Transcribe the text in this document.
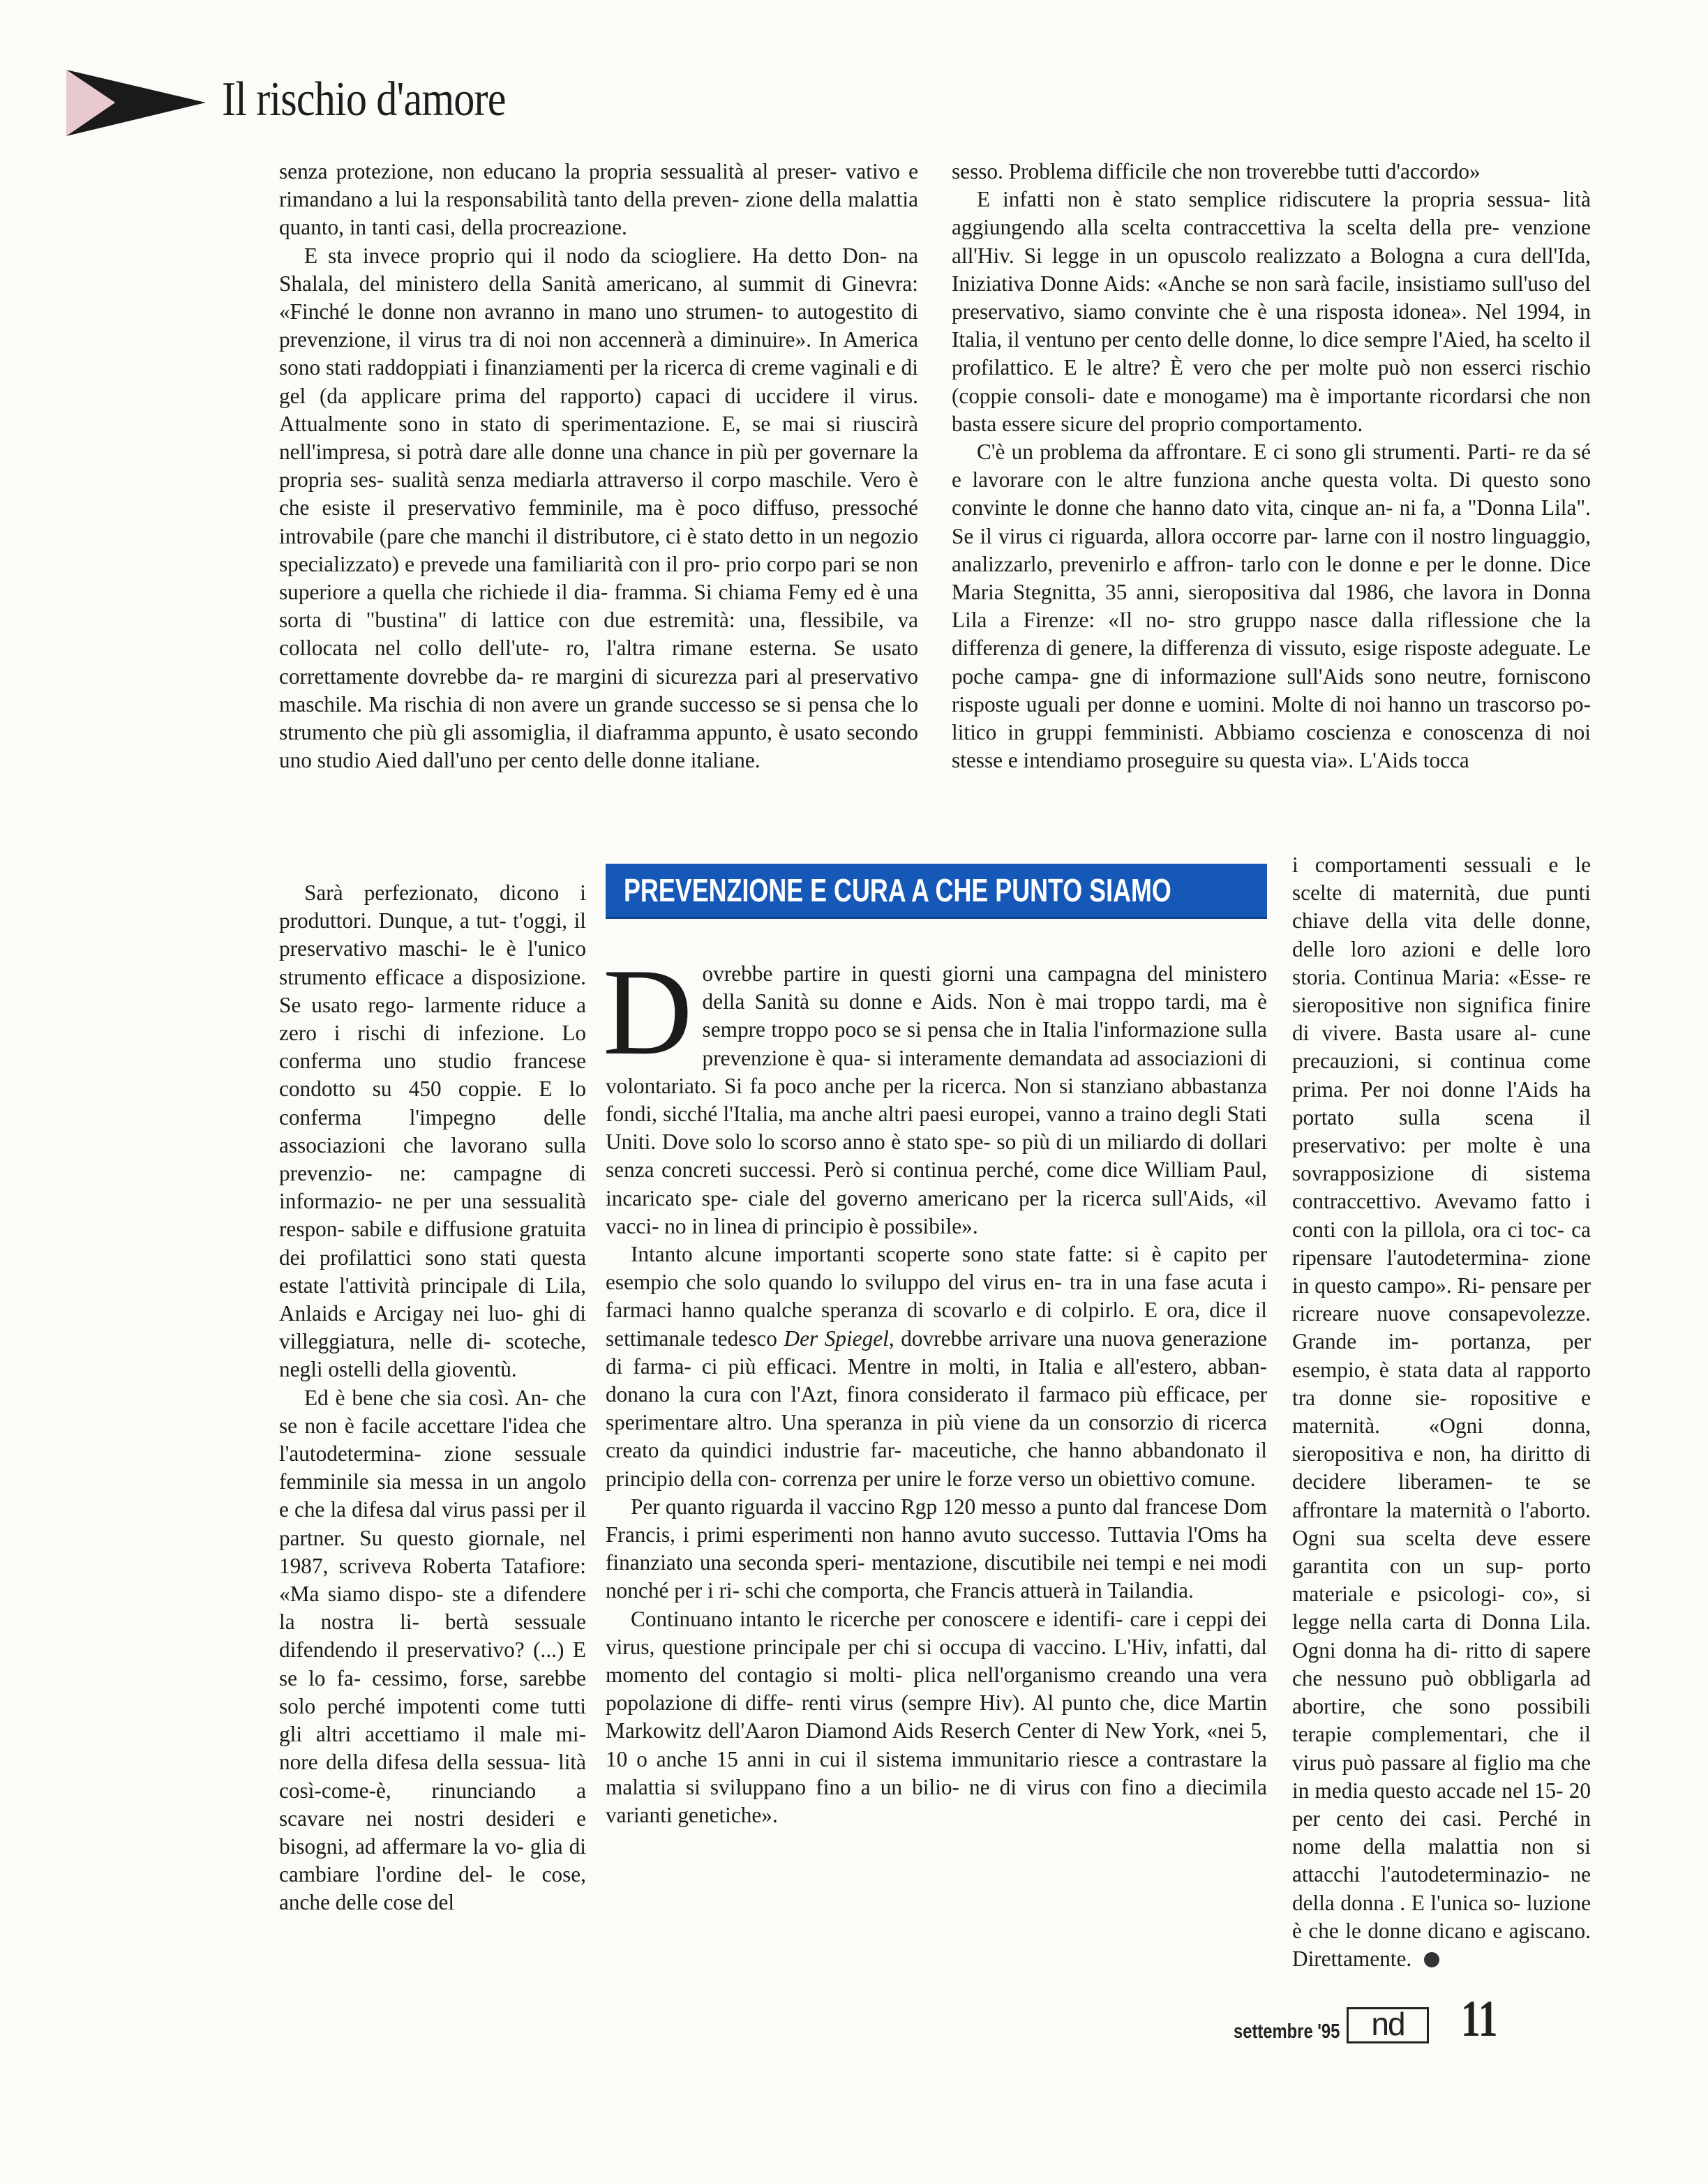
Il rischio d'amore

senza protezione, non educano la propria sessualità al preser- vativo e rimandano a lui la responsabilità tanto della preven- zione della malattia quanto, in tanti casi, della procreazione.

E sta invece proprio qui il nodo da sciogliere. Ha detto Don- na Shalala, del ministero della Sanità americano, al summit di Ginevra: «Finché le donne non avranno in mano uno strumen- to autogestito di prevenzione, il virus tra di noi non accennerà a diminuire». In America sono stati raddoppiati i finanziamenti per la ricerca di creme vaginali e di gel (da applicare prima del rapporto) capaci di uccidere il virus. Attualmente sono in stato di sperimentazione. E, se mai si riuscirà nell'impresa, si potrà dare alle donne una chance in più per governare la propria ses- sualità senza mediarla attraverso il corpo maschile. Vero è che esiste il preservativo femminile, ma è poco diffuso, pressoché introvabile (pare che manchi il distributore, ci è stato detto in un negozio specializzato) e prevede una familiarità con il pro- prio corpo pari se non superiore a quella che richiede il dia- framma. Si chiama Femy ed è una sorta di "bustina" di lattice con due estremità: una, flessibile, va collocata nel collo dell'ute- ro, l'altra rimane esterna. Se usato correttamente dovrebbe da- re margini di sicurezza pari al preservativo maschile. Ma rischia di non avere un grande successo se si pensa che lo strumento che più gli assomiglia, il diaframma appunto, è usato secondo uno studio Aied dall'uno per cento delle donne italiane.

sesso. Problema difficile che non troverebbe tutti d'accordo»

E infatti non è stato semplice ridiscutere la propria sessua- lità aggiungendo alla scelta contraccettiva la scelta della pre- venzione all'Hiv. Si legge in un opuscolo realizzato a Bologna a cura dell'Ida, Iniziativa Donne Aids: «Anche se non sarà facile, insistiamo sull'uso del preservativo, siamo convinte che è una risposta idonea». Nel 1994, in Italia, il ventuno per cento delle donne, lo dice sempre l'Aied, ha scelto il profilattico. E le altre? È vero che per molte può non esserci rischio (coppie consoli- date e monogame) ma è importante ricordarsi che non basta essere sicure del proprio comportamento.

C'è un problema da affrontare. E ci sono gli strumenti. Parti- re da sé e lavorare con le altre funziona anche questa volta. Di questo sono convinte le donne che hanno dato vita, cinque an- ni fa, a "Donna Lila". Se il virus ci riguarda, allora occorre par- larne con il nostro linguaggio, analizzarlo, prevenirlo e affron- tarlo con le donne e per le donne. Dice Maria Stegnitta, 35 anni, sieropositiva dal 1986, che lavora in Donna Lila a Firenze: «Il no- stro gruppo nasce dalla riflessione che la differenza di genere, la differenza di vissuto, esige risposte adeguate. Le poche campa- gne di informazione sull'Aids sono neutre, forniscono risposte uguali per donne e uomini. Molte di noi hanno un trascorso po- litico in gruppi femministi. Abbiamo coscienza e conoscenza di noi stesse e intendiamo proseguire su questa via». L'Aids tocca

Sarà perfezionato, dicono i produttori. Dunque, a tut- t'oggi, il preservativo maschi- le è l'unico strumento efficace a disposizione. Se usato rego- larmente riduce a zero i rischi di infezione. Lo conferma uno studio francese condotto su 450 coppie. E lo conferma l'impegno delle associazioni che lavorano sulla prevenzio- ne: campagne di informazio- ne per una sessualità respon- sabile e diffusione gratuita dei profilattici sono stati questa estate l'attività principale di Lila, Anlaids e Arcigay nei luo- ghi di villeggiatura, nelle di- scoteche, negli ostelli della gioventù.

Ed è bene che sia così. An- che se non è facile accettare l'idea che l'autodetermina- zione sessuale femminile sia messa in un angolo e che la difesa dal virus passi per il partner. Su questo giornale, nel 1987, scriveva Roberta Tatafiore: «Ma siamo dispo- ste a difendere la nostra li- bertà sessuale difendendo il preservativo? (...) E se lo fa- cessimo, forse, sarebbe solo perché impotenti come tutti gli altri accettiamo il male mi- nore della difesa della sessua- lità così-come-è, rinunciando a scavare nei nostri desideri e bisogni, ad affermare la vo- glia di cambiare l'ordine del- le cose, anche delle cose del

PREVENZIONE E CURA A CHE PUNTO SIAMO

Dovrebbe partire in questi giorni una campagna del ministero della Sanità su donne e Aids. Non è mai troppo tardi, ma è sempre troppo poco se si pensa che in Italia l'informazione sulla prevenzione è qua- si interamente demandata ad associazioni di volontariato. Si fa poco anche per la ricerca. Non si stanziano abbastanza fondi, sicché l'Italia, ma anche altri paesi europei, vanno a traino degli Stati Uniti. Dove solo lo scorso anno è stato spe- so più di un miliardo di dollari senza concreti successi. Però si continua perché, come dice William Paul, incaricato spe- ciale del governo americano per la ricerca sull'Aids, «il vacci- no in linea di principio è possibile».

Intanto alcune importanti scoperte sono state fatte: si è capito per esempio che solo quando lo sviluppo del virus en- tra in una fase acuta i farmaci hanno qualche speranza di scovarlo e di colpirlo. E ora, dice il settimanale tedesco Der Spiegel, dovrebbe arrivare una nuova generazione di farma- ci più efficaci. Mentre in molti, in Italia e all'estero, abban- donano la cura con l'Azt, finora considerato il farmaco più efficace, per sperimentare altro. Una speranza in più viene da un consorzio di ricerca creato da quindici industrie far- maceutiche, che hanno abbandonato il principio della con- correnza per unire le forze verso un obiettivo comune.

Per quanto riguarda il vaccino Rgp 120 messo a punto dal francese Dom Francis, i primi esperimenti non hanno avuto successo. Tuttavia l'Oms ha finanziato una seconda speri- mentazione, discutibile nei tempi e nei modi nonché per i ri- schi che comporta, che Francis attuerà in Tailandia.

Continuano intanto le ricerche per conoscere e identifi- care i ceppi dei virus, questione principale per chi si occupa di vaccino. L'Hiv, infatti, dal momento del contagio si molti- plica nell'organismo creando una vera popolazione di diffe- renti virus (sempre Hiv). Al punto che, dice Martin Markowitz dell'Aaron Diamond Aids Reserch Center di New York, «nei 5, 10 o anche 15 anni in cui il sistema immunitario riesce a contrastare la malattia si sviluppano fino a un bilio- ne di virus con fino a diecimila varianti genetiche».

i comportamenti sessuali e le scelte di maternità, due punti chiave della vita delle donne, delle loro azioni e delle loro storia. Continua Maria: «Esse- re sieropositive non significa finire di vivere. Basta usare al- cune precauzioni, si continua come prima. Per noi donne l'Aids ha portato sulla scena il preservativo: per molte è una sovrapposizione di sistema contraccettivo. Avevamo fatto i conti con la pillola, ora ci toc- ca ripensare l'autodetermina- zione in questo campo». Ri- pensare per ricreare nuove consapevolezze. Grande im- portanza, per esempio, è stata data al rapporto tra donne sie- ropositive e maternità. «Ogni donna, sieropositiva e non, ha diritto di decidere liberamen- te se affrontare la maternità o l'aborto. Ogni sua scelta deve essere garantita con un sup- porto materiale e psicologi- co», si legge nella carta di Donna Lila. Ogni donna ha di- ritto di sapere che nessuno può obbligarla ad abortire, che sono possibili terapie complementari, che il virus può passare al figlio ma che in media questo accade nel 15- 20 per cento dei casi. Perché in nome della malattia non si attacchi l'autodeterminazio- ne della donna . E l'unica so- luzione è che le donne dicano e agiscano. Direttamente.

settembre '95 nd	11
